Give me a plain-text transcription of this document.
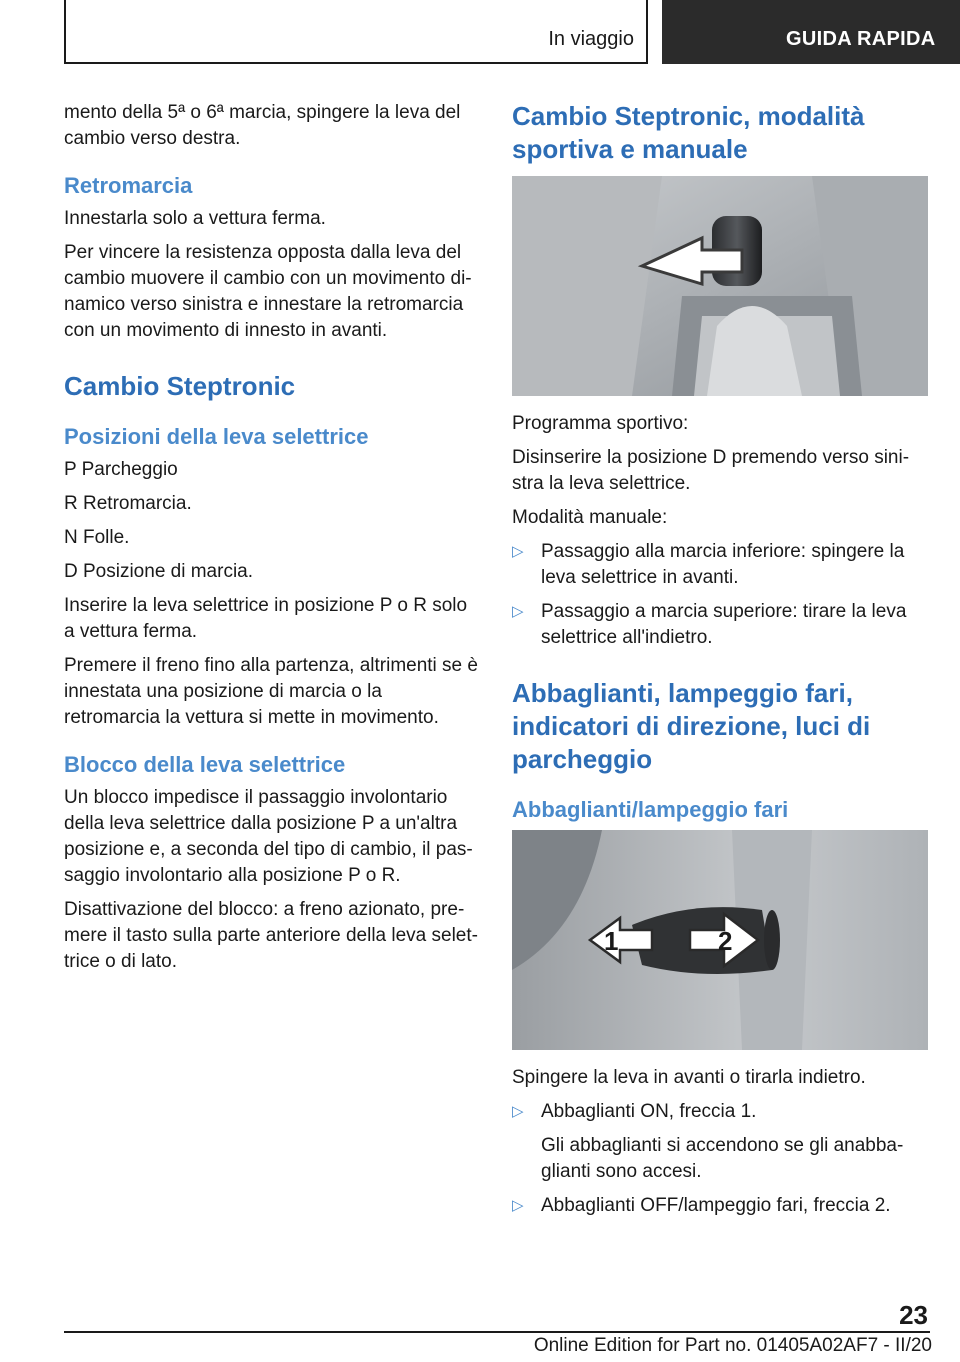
In viaggio	GUIDA RAPIDA

mento della 5ª o 6ª marcia, spingere la leva del cambio verso destra.

Retromarcia

Innestarla solo a vettura ferma.

Per vincere la resistenza opposta dalla leva del cambio muovere il cambio con un movimento dinamico verso sinistra e innestare la retromarcia con un movimento di innesto in avanti.

Cambio Steptronic
Posizioni della leva selettrice

P Parcheggio

R Retromarcia.

N Folle.

D Posizione di marcia.

Inserire la leva selettrice in posizione P o R solo a vettura ferma.

Premere il freno fino alla partenza, altrimenti se è innestata una posizione di marcia o la retromarcia la vettura si mette in movimento.

Blocco della leva selettrice

Un blocco impedisce il passaggio involontario della leva selettrice dalla posizione P a un'altra posizione e, a seconda del tipo di cambio, il passaggio involontario alla posizione P o R.

Disattivazione del blocco: a freno azionato, premere il tasto sulla parte anteriore della leva selettrice o di lato.

Cambio Steptronic, modalità sportiva e manuale

Programma sportivo:

Disinserire la posizione D premendo verso sinistra la leva selettrice.

Modalità manuale:

▷ Passaggio alla marcia inferiore: spingere la leva selettrice in avanti.

▷ Passaggio a marcia superiore: tirare la leva selettrice all'indietro.

Abbaglianti, lampeggio fari, indicatori di direzione, luci di parcheggio
Abbaglianti/lampeggio fari
1	2

Spingere la leva in avanti o tirarla indietro.

▷ Abbaglianti ON, freccia 1.

Gli abbaglianti si accendono se gli anabbaglianti sono accesi.

▷ Abbaglianti OFF/lampeggio fari, freccia 2.

23
Online Edition for Part no. 01405A02AF7 - II/20
